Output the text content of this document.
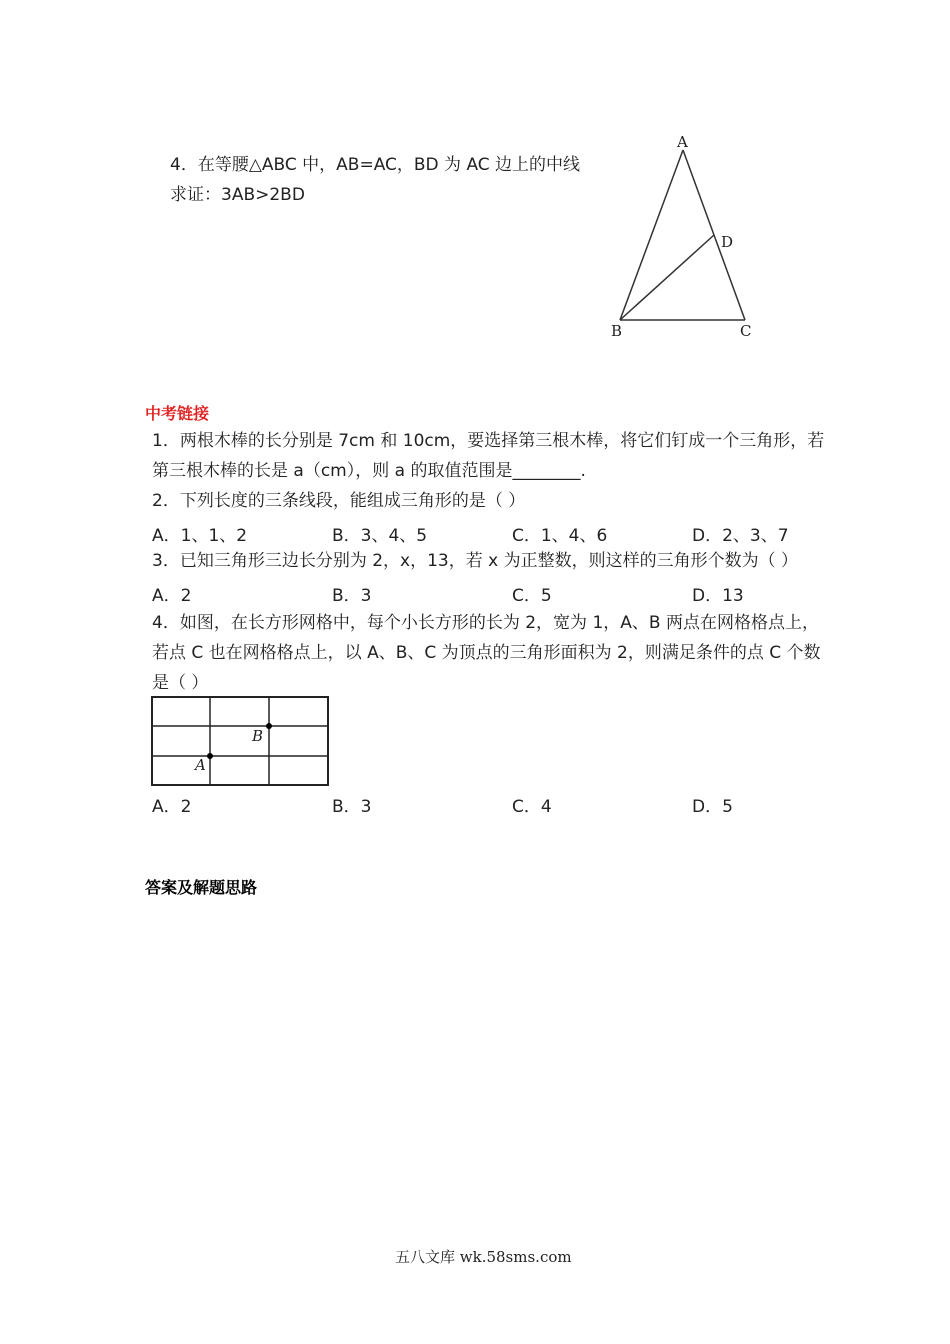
4．在等腰△ABC 中，AB=AC，BD 为 AC 边上的中线
求证：3AB>2BD
A
B	C
D
中考链接
1．两根木棒的长分别是 7cm 和 10cm，要选择第三根木棒，将它们钉成一个三角形，若
第三根木棒的长是 a（cm），则 a 的取值范围是________.
2．下列长度的三条线段，能组成三角形的是（ ）
A．1、1、2	B．3、4、5	C．1、4、6	D．2、3、7
3．已知三角形三边长分别为 2，x，13，若 x 为正整数，则这样的三角形个数为（ ）
A．2	B．3	C．5	D．13
4．如图，在长方形网格中，每个小长方形的长为 2，宽为 1，A、B 两点在网格格点上，
若点 C 也在网格格点上，以 A、B、C 为顶点的三角形面积为 2，则满足条件的点 C 个数
是（ ）
A
B
A．2	B．3	C．4	D．5
答案及解题思路
五八文库 wk.58sms.com
